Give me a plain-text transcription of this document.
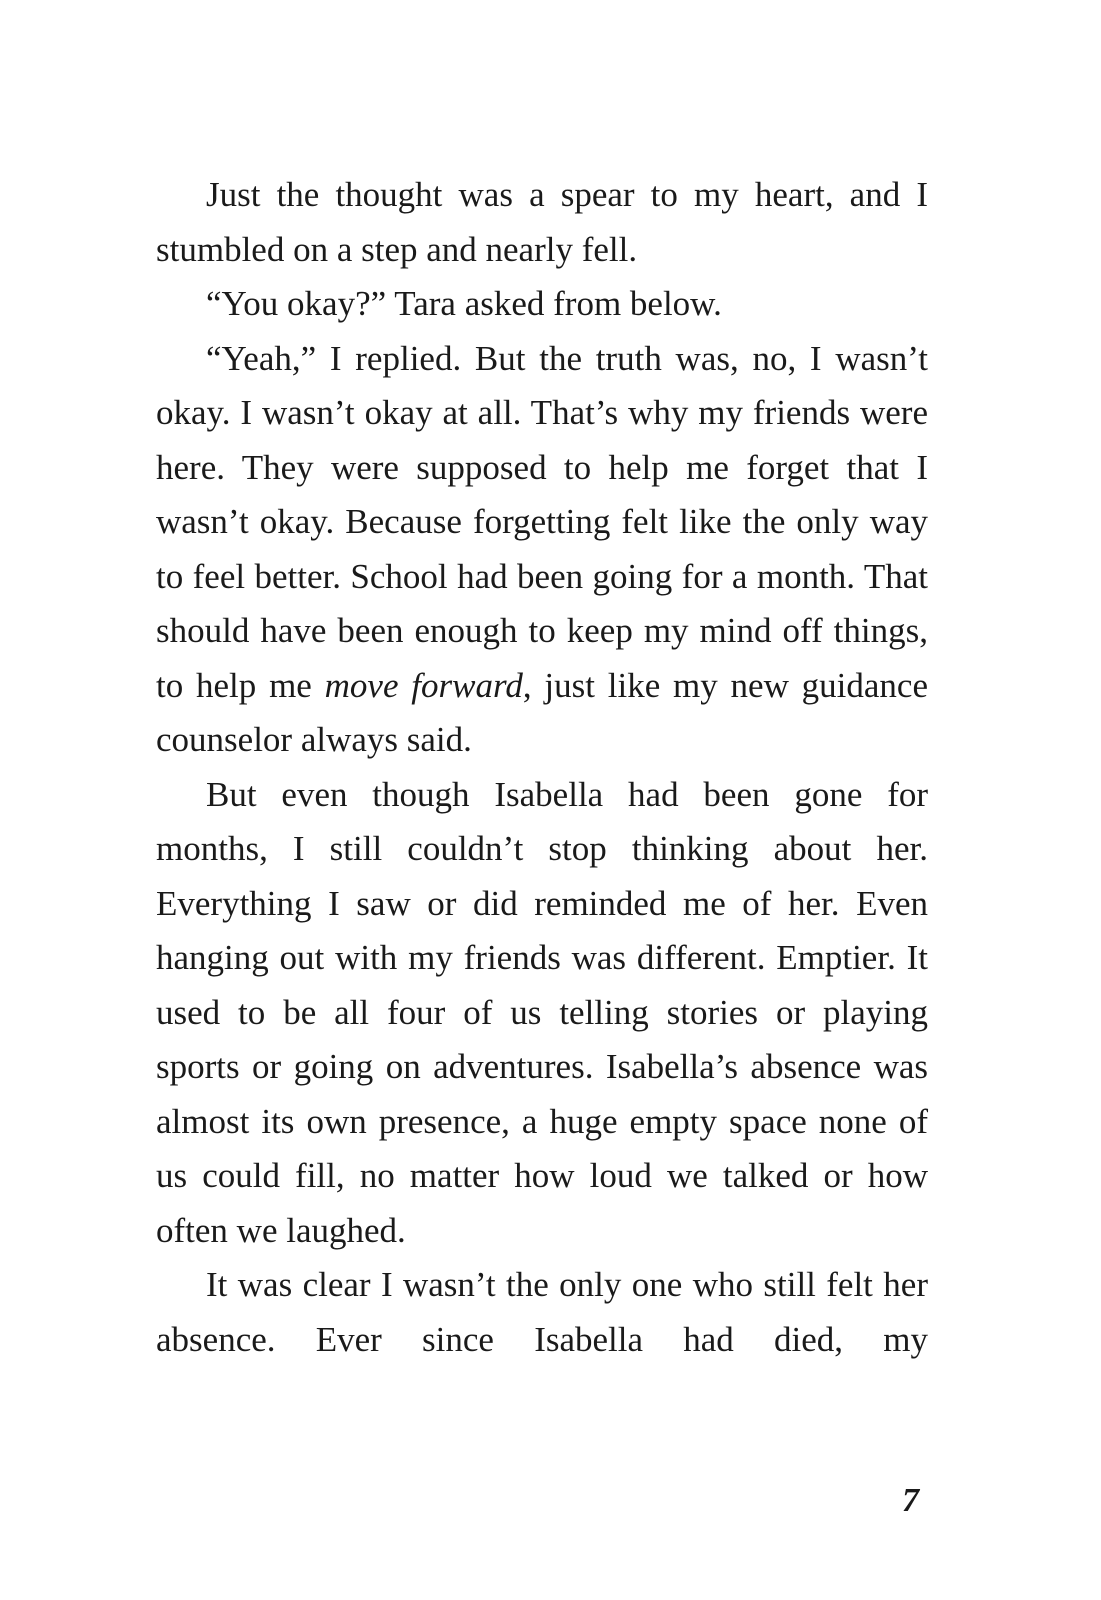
Just the thought was a spear to my heart, and I stumbled on a step and nearly fell.

“You okay?” Tara asked from below.

“Yeah,” I replied. But the truth was, no, I wasn’t okay. I wasn’t okay at all. That’s why my friends were here. They were supposed to help me forget that I wasn’t okay. Because forgetting felt like the only way to feel better. School had been going for a month. That should have been enough to keep my mind off things, to help me move forward, just like my new guidance counselor always said.

But even though Isabella had been gone for months, I still couldn’t stop thinking about her. Everything I saw or did reminded me of her. Even hanging out with my friends was different. Emptier. It used to be all four of us telling stories or playing sports or going on adventures. Isabella’s absence was almost its own presence, a huge empty space none of us could fill, no matter how loud we talked or how often we laughed.

It was clear I wasn’t the only one who still felt her absence. Ever since Isabella had died, my

7
